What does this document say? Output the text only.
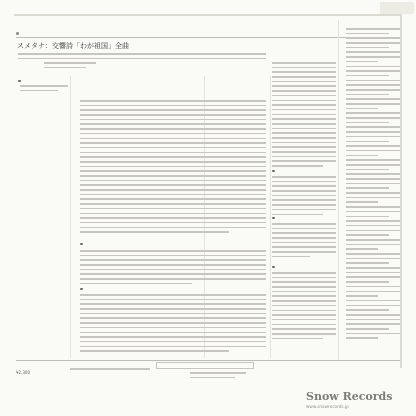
スメタナ：交響詩「わが祖国」全曲
¥2,300
Snow Records
www.snowrecords.jp
